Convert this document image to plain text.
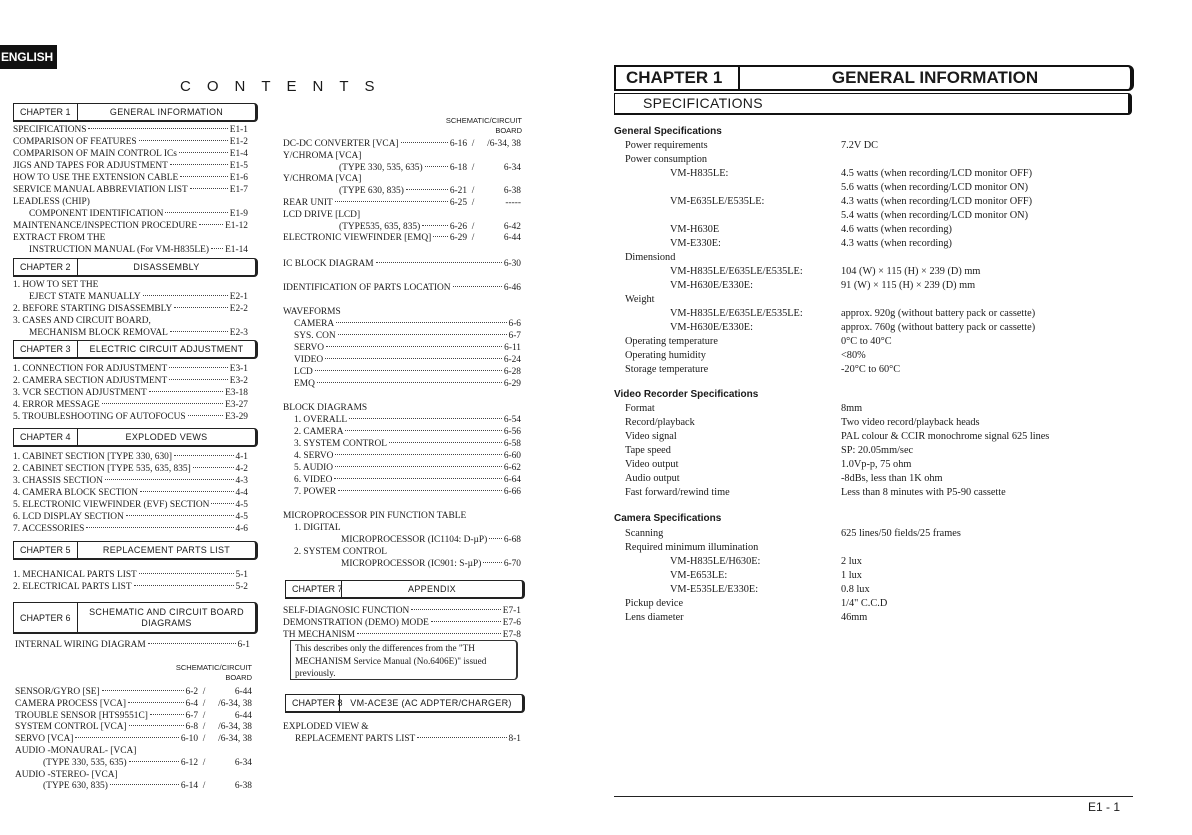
ENGLISH
CONTENTS
CHAPTER 1	GENERAL INFORMATION
SPECIFICATIONS	E1-1
COMPARISON OF FEATURES	E1-2
COMPARISON OF MAIN CONTROL ICs	E1-4
JIGS AND TAPES FOR ADJUSTMENT	E1-5
HOW TO USE THE EXTENSION CABLE	E1-6
SERVICE MANUAL ABBREVIATION LIST	E1-7
LEADLESS (CHIP)
COMPONENT IDENTIFICATION	E1-9
MAINTENANCE/INSPECTION PROCEDURE	E1-12
EXTRACT FROM THE
INSTRUCTION MANUAL (For VM-H835LE) E1-14
CHAPTER 2	DISASSEMBLY
1. HOW TO SET THE
EJECT STATE MANUALLY	E2-1
2. BEFORE STARTING DISASSEMBLY	E2-2
3. CASES AND CIRCUIT BOARD,
MECHANISM BLOCK REMOVAL	E2-3
CHAPTER 3	ELECTRIC CIRCUIT ADJUSTMENT
1. CONNECTION FOR ADJUSTMENT	E3-1
2. CAMERA SECTION ADJUSTMENT	E3-2
3. VCR SECTION ADJUSTMENT	E3-18
4. ERROR MESSAGE	E3-27
5. TROUBLESHOOTING OF AUTOFOCUS	E3-29
CHAPTER 4	EXPLODED VEWS
1. CABINET SECTION [TYPE 330, 630]	4-1
2. CABINET SECTION [TYPE 535, 635, 835]	4-2
3. CHASSIS SECTION	4-3
4. CAMERA BLOCK SECTION	4-4
5. ELECTRONIC VIEWFINDER (EVF) SECTION	4-5
6. LCD DISPLAY SECTION	4-5
7. ACCESSORIES	4-6
CHAPTER 5	REPLACEMENT PARTS LIST
1. MECHANICAL PARTS LIST	5-1
2. ELECTRICAL PARTS LIST	5-2
CHAPTER 6
SCHEMATIC AND CIRCUIT BOARD DIAGRAMS
INTERNAL WIRING DIAGRAM	6-1
SCHEMATIC/CIRCUIT BOARD
SENSOR/GYRO [SE]	6-2 /	6-44
CAMERA PROCESS [VCA]	6-4 / /6-34, 38
TROUBLE SENSOR [HTS9551C]	6-7 /	6-44
SYSTEM CONTROL [VCA]	6-8 / /6-34, 38
SERVO [VCA]	6-10 / /6-34, 38
AUDIO -MONAURAL- [VCA]
(TYPE 330, 535, 635)	6-12 /	6-34
AUDIO -STEREO- [VCA]
(TYPE 630, 835)	6-14 /	6-38
SCHEMATIC/CIRCUIT BOARD
DC-DC CONVERTER [VCA]	6-16 / /6-34, 38
Y/CHROMA [VCA]
(TYPE 330, 535, 635)	6-18 /	6-34
Y/CHROMA [VCA]
(TYPE 630, 835)	6-21 /	6-38
REAR UNIT	6-25 /	-----
LCD DRIVE [LCD]
(TYPE535, 635, 835)	6-26 /	6-42
ELECTRONIC VIEWFINDER [EMQ] 6-29 /	6-44
IC BLOCK DIAGRAM	6-30
IDENTIFICATION OF PARTS LOCATION	6-46
WAVEFORMS
CAMERA	6-6
SYS. CON	6-7
SERVO	6-11
VIDEO	6-24
LCD	6-28
EMQ	6-29
BLOCK DIAGRAMS
1. OVERALL	6-54
2. CAMERA	6-56
3. SYSTEM CONTROL	6-58
4. SERVO	6-60
5. AUDIO	6-62
6. VIDEO	6-64
7. POWER	6-66
MICROPROCESSOR PIN FUNCTION TABLE
1. DIGITAL
MICROPROCESSOR (IC1104: D-µP) 6-68
2. SYSTEM CONTROL
MICROPROCESSOR (IC901: S-µP) 6-70
CHAPTER 7	APPENDIX
SELF-DIAGNOSIC FUNCTION	E7-1
DEMONSTRATION (DEMO) MODE	E7-6
TH MECHANISM	E7-8
This describes only the differences from the "TH MECHANISM Service Manual (No.6406E)" issued previously.
CHAPTER 8 VM-ACE3E (AC ADPTER/CHARGER)
EXPLODED VIEW &
REPLACEMENT PARTS LIST	8-1
CHAPTER 1	GENERAL INFORMATION
SPECIFICATIONS
General Specifications
Power requirements	7.2V DC
Power consumption
VM-H835LE:	4.5 watts (when recording/LCD monitor OFF)
5.6 watts (when recording/LCD monitor ON)
VM-E635LE/E535LE:	4.3 watts (when recording/LCD monitor OFF)
5.4 watts (when recording/LCD monitor ON)
VM-H630E	4.6 watts (when recording)
VM-E330E:	4.3 watts (when recording)
Dimensiond
VM-H835LE/E635LE/E535LE:	104 (W) × 115 (H) × 239 (D) mm
VM-H630E/E330E:	91 (W) × 115 (H) × 239 (D) mm
Weight
VM-H835LE/E635LE/E535LE:	approx. 920g (without battery pack or cassette)
VM-H630E/E330E:	approx. 760g (without battery pack or cassette)
Operating temperature	0°C to 40°C
Operating humidity	<80%
Storage temperature	-20°C to 60°C
Video Recorder Specifications
Format	8mm
Record/playback	Two video record/playback heads
Video signal	PAL colour & CCIR monochrome signal 625 lines
Tape speed	SP: 20.05mm/sec
Video output	1.0Vp-p, 75 ohm
Audio output	-8dBs, less than 1K ohm
Fast forward/rewind time	Less than 8 minutes with P5-90 cassette
Camera Specifications
Scanning	625 lines/50 fields/25 frames
Required minimum illumination
VM-H835LE/H630E:	2 lux
VM-E653LE:	1 lux
VM-E535LE/E330E:	0.8 lux
Pickup device	1/4" C.C.D
Lens diameter	46mm
E1 - 1
